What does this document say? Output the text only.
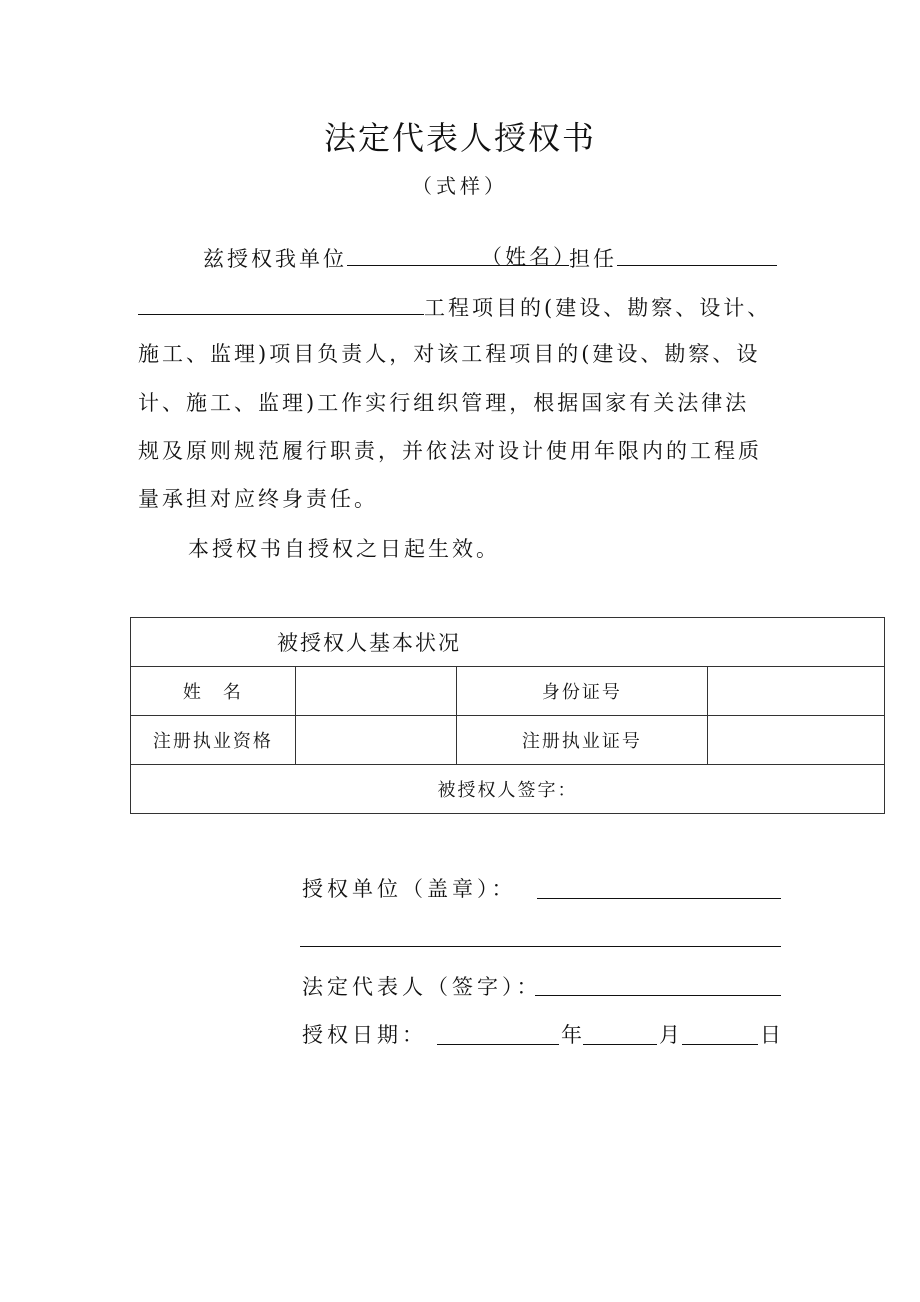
法定代表人授权书
（式样）
兹授权我单位	（姓名）
担任
工程项目的(建设、勘察、设计、
施工、监理)项目负责人，对该工程项目的(建设、勘察、设
计、施工、监理)工作实行组织管理，根据国家有关法律法
规及原则规范履行职责，并依法对设计使用年限内的工程质
量承担对应终身责任。
本授权书自授权之日起生效。
被授权人基本状况			
姓　名		身份证号	
注册执业资格		注册执业证号	
被授权人签字：			
授权单位（盖章）：
法定代表人（签字）：
授权日期：	年	月	日
